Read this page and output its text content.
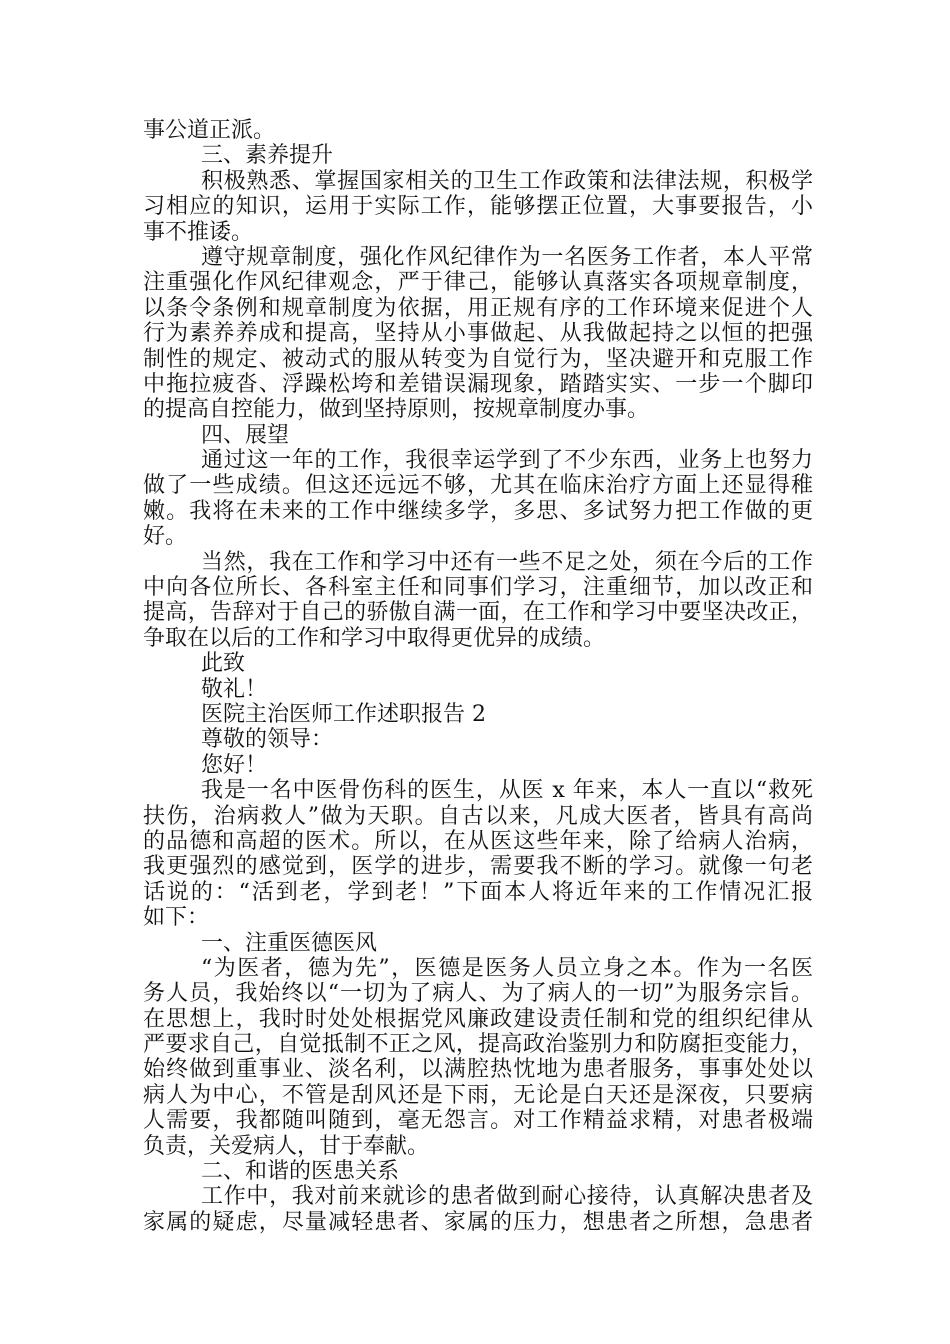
事公道正派。
三、素养提升
积极熟悉、掌握国家相关的卫生工作政策和法律法规，积极学
习相应的知识，运用于实际工作，能够摆正位置，大事要报告，小
事不推诿。
遵守规章制度，强化作风纪律作为一名医务工作者，本人平常
注重强化作风纪律观念，严于律己，能够认真落实各项规章制度，
以条令条例和规章制度为依据，用正规有序的工作环境来促进个人
行为素养养成和提高，坚持从小事做起、从我做起持之以恒的把强
制性的规定、被动式的服从转变为自觉行为，坚决避开和克服工作
中拖拉疲沓、浮躁松垮和差错误漏现象，踏踏实实、一步一个脚印
的提高自控能力，做到坚持原则，按规章制度办事。
四、展望
通过这一年的工作，我很幸运学到了不少东西，业务上也努力
做了一些成绩。但这还远远不够，尤其在临床治疗方面上还显得稚
嫩。我将在未来的工作中继续多学，多思、多试努力把工作做的更
好。
当然，我在工作和学习中还有一些不足之处，须在今后的工作
中向各位所长、各科室主任和同事们学习，注重细节，加以改正和
提高，告辞对于自己的骄傲自满一面，在工作和学习中要坚决改正，
争取在以后的工作和学习中取得更优异的成绩。
此致
敬礼！
医院主治医师工作述职报告 2
尊敬的领导：
您好！
我是一名中医骨伤科的医生，从医 x 年来，本人一直以“救死
扶伤，治病救人”做为天职。自古以来，凡成大医者，皆具有高尚
的品德和高超的医术。所以，在从医这些年来，除了给病人治病，
我更强烈的感觉到，医学的进步，需要我不断的学习。就像一句老
话说的：“活到老，学到老！”下面本人将近年来的工作情况汇报
如下：
一、注重医德医风
“为医者，德为先”，医德是医务人员立身之本。作为一名医
务人员，我始终以“一切为了病人、为了病人的一切”为服务宗旨。
在思想上，我时时处处根据党风廉政建设责任制和党的组织纪律从
严要求自己，自觉抵制不正之风，提高政治鉴别力和防腐拒变能力，
始终做到重事业、淡名利，以满腔热忱地为患者服务，事事处处以
病人为中心，不管是刮风还是下雨，无论是白天还是深夜，只要病
人需要，我都随叫随到，毫无怨言。对工作精益求精，对患者极端
负责，关爱病人，甘于奉献。
二、和谐的医患关系
工作中，我对前来就诊的患者做到耐心接待，认真解决患者及
家属的疑虑，尽量减轻患者、家属的压力，想患者之所想，急患者
